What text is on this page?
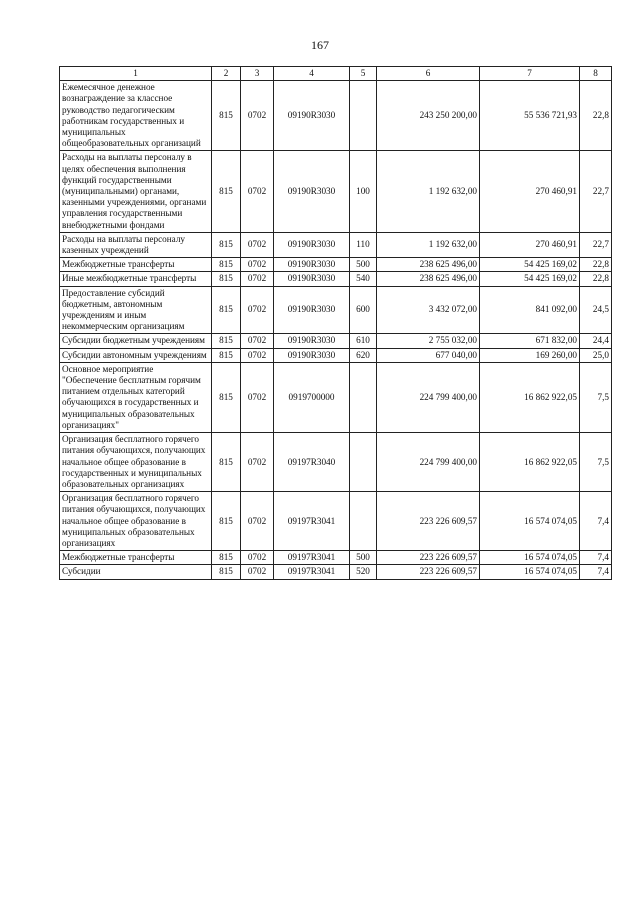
167
1	2	3	4	5	6	7	8
Ежемесячное денежное вознаграждение за классное руководство педагогическим работникам государственных и муниципальных общеобразовательных организаций	815	0702	09190R3030		243 250 200,00	55 536 721,93	22,8
Расходы на выплаты персоналу в целях обеспечения выполнения функций государственными (муниципальными) органами, казенными учреждениями, органами управления государственными внебюджетными фондами	815	0702	09190R3030	100	1 192 632,00	270 460,91	22,7
Расходы на выплаты персоналу казенных учреждений	815	0702	09190R3030	110	1 192 632,00	270 460,91	22,7
Межбюджетные трансферты	815	0702	09190R3030	500	238 625 496,00	54 425 169,02	22,8
Иные межбюджетные трансферты	815	0702	09190R3030	540	238 625 496,00	54 425 169,02	22,8
Предоставление субсидий бюджетным, автономным учреждениям и иным некоммерческим организациям	815	0702	09190R3030	600	3 432 072,00	841 092,00	24,5
Субсидии бюджетным учреждениям	815	0702	09190R3030	610	2 755 032,00	671 832,00	24,4
Субсидии автономным учреждениям	815	0702	09190R3030	620	677 040,00	169 260,00	25,0
Основное мероприятие "Обеспечение бесплатным горячим питанием отдельных категорий обучающихся в государственных и муниципальных образовательных организациях"	815	0702	0919700000		224 799 400,00	16 862 922,05	7,5
Организация бесплатного горячего питания обучающихся, получающих начальное общее образование в государственных и муниципальных образовательных организациях	815	0702	09197R3040		224 799 400,00	16 862 922,05	7,5
Организация бесплатного горячего питания обучающихся, получающих начальное общее образование в муниципальных образовательных организациях	815	0702	09197R3041		223 226 609,57	16 574 074,05	7,4
Межбюджетные трансферты	815	0702	09197R3041	500	223 226 609,57	16 574 074,05	7,4
Субсидии	815	0702	09197R3041	520	223 226 609,57	16 574 074,05	7,4
